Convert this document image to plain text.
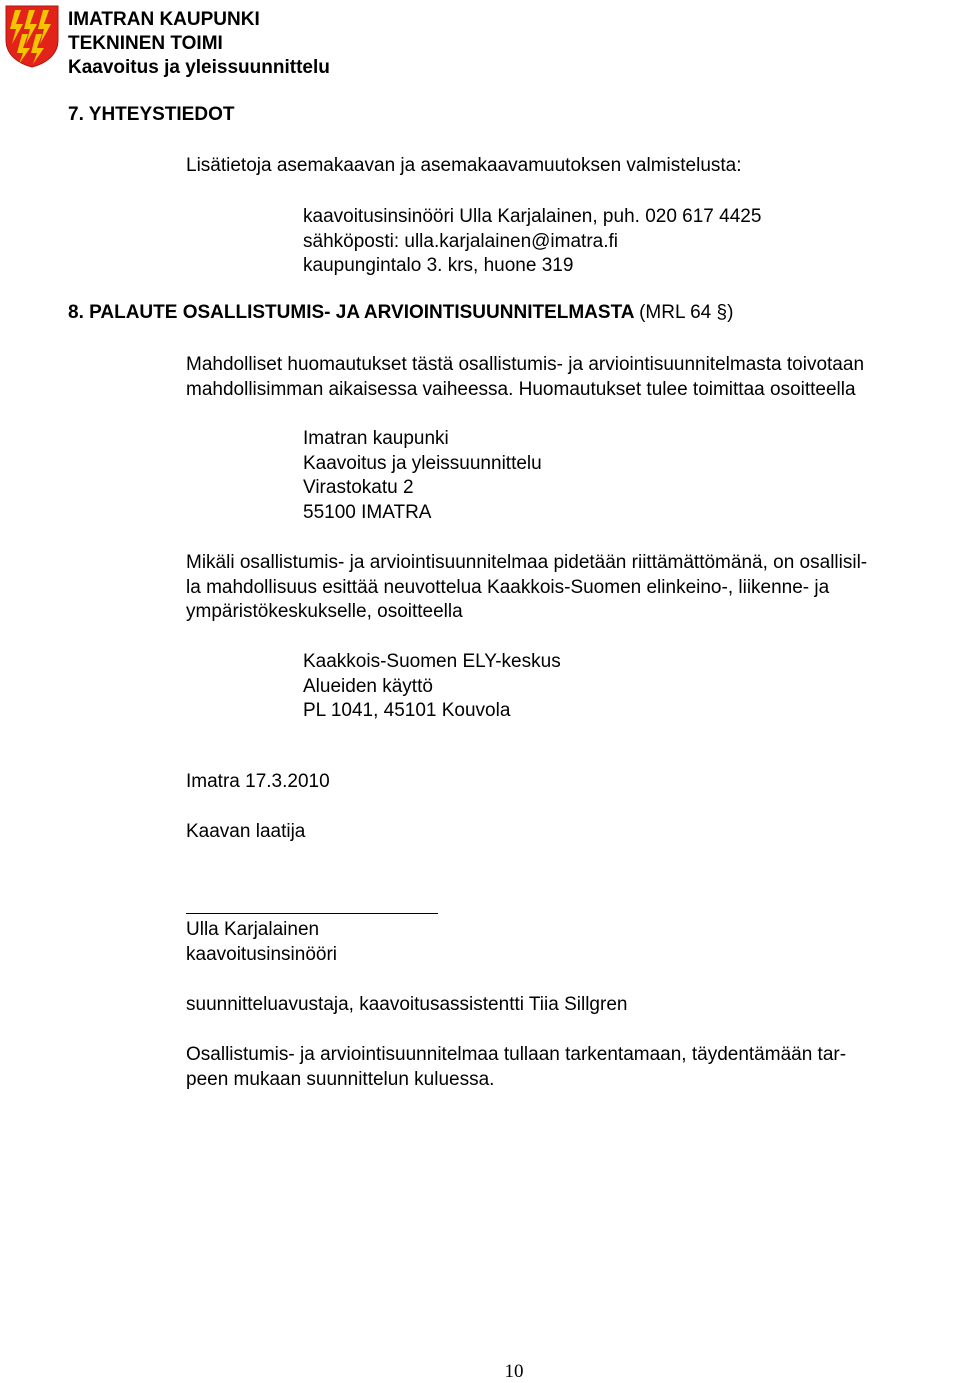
IMATRAN KAUPUNKI
TEKNINEN TOIMI
Kaavoitus ja yleissuunnittelu
7. YHTEYSTIEDOT
Lisätietoja asemakaavan ja asemakaavamuutoksen valmistelusta:
kaavoitusinsinööri Ulla Karjalainen, puh. 020 617 4425
sähköposti: ulla.karjalainen@imatra.fi
kaupungintalo 3. krs, huone 319
8. PALAUTE OSALLISTUMIS- JA ARVIOINTISUUNNITELMASTA (MRL 64 §)
Mahdolliset huomautukset tästä osallistumis- ja arviointisuunnitelmasta toivotaan
mahdollisimman aikaisessa vaiheessa. Huomautukset tulee toimittaa osoitteella
Imatran kaupunki
Kaavoitus ja yleissuunnittelu
Virastokatu 2
55100 IMATRA
Mikäli osallistumis- ja arviointisuunnitelmaa pidetään riittämättömänä, on osallisil-
la mahdollisuus esittää neuvottelua Kaakkois-Suomen elinkeino-, liikenne- ja
ympäristökeskukselle, osoitteella
Kaakkois-Suomen ELY-keskus
Alueiden käyttö
PL 1041, 45101 Kouvola
Imatra 17.3.2010
Kaavan laatija
Ulla Karjalainen
kaavoitusinsinööri
suunnitteluavustaja, kaavoitusassistentti Tiia Sillgren
Osallistumis- ja arviointisuunnitelmaa tullaan tarkentamaan, täydentämään tar-
peen mukaan suunnittelun kuluessa.
10
